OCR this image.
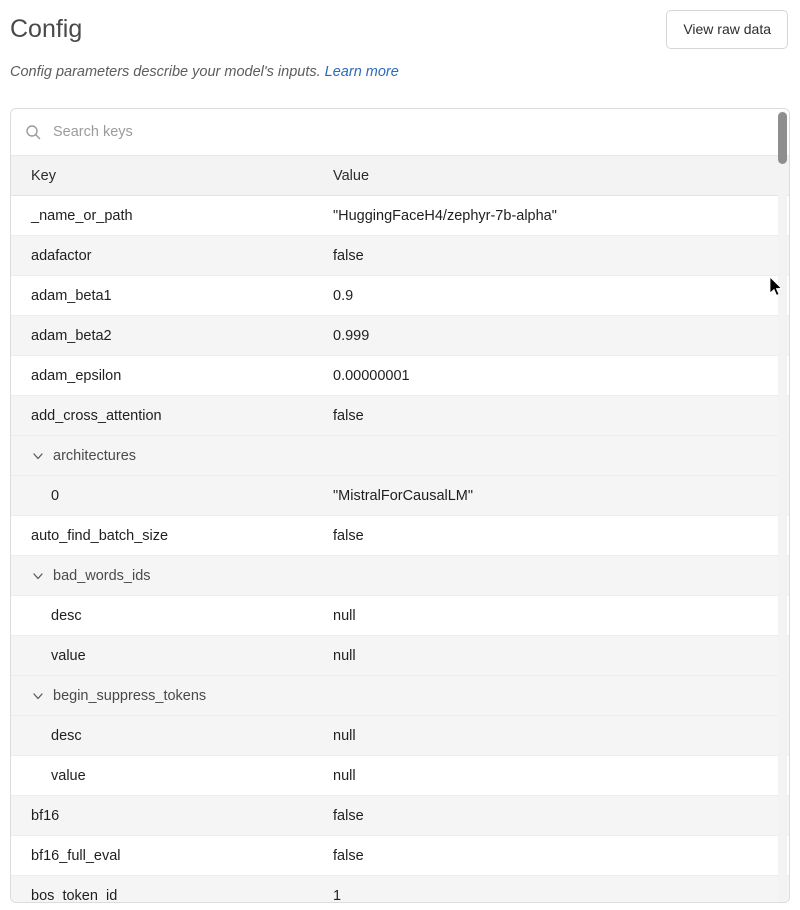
Config	View raw data
Config parameters describe your model's inputs. Learn more
Search keys
Key	Value
_name_or_path	"HuggingFaceH4/zephyr-7b-alpha"
adafactor	false
adam_beta1	0.9
adam_beta2	0.999
adam_epsilon	0.00000001
add_cross_attention	false
architectures
0	"MistralForCausalLM"
auto_find_batch_size	false
bad_words_ids
desc	null
value	null
begin_suppress_tokens
desc	null
value	null
bf16	false
bf16_full_eval	false
bos_token_id	1
